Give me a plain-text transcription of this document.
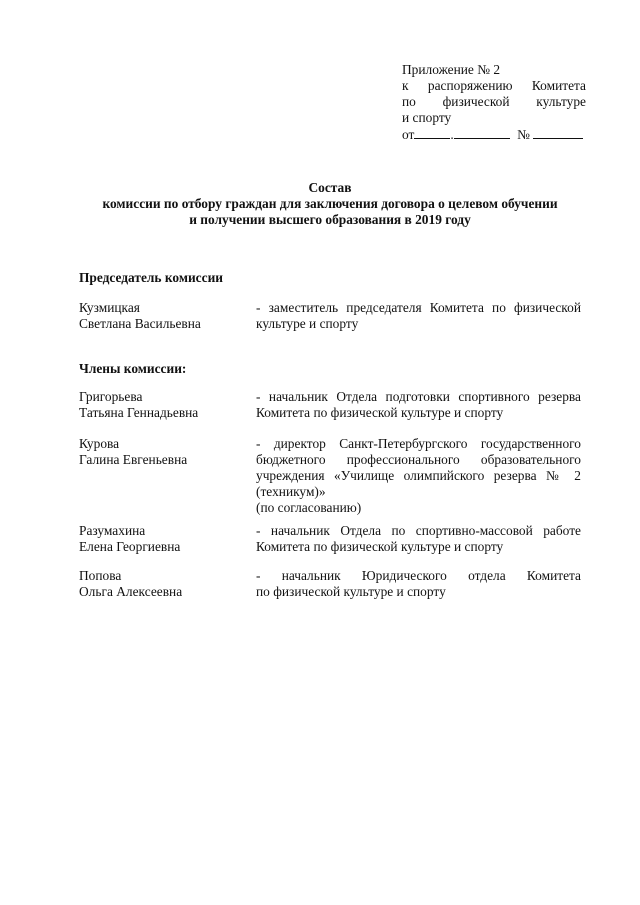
Приложение № 2
к распоряжению Комитета
по физической культуре
и спорту
от	.	№
Состав
комиссии по отбору граждан для заключения договора о целевом обучении
и получении высшего образования в 2019 году
Председатель комиссии
Кузмицкая
Светлана Васильевна
- заместитель председателя Комитета по физической
культуре и спорту
Члены комиссии:
Григорьева
Татьяна Геннадьевна
- начальник Отдела подготовки спортивного резерва
Комитета по физической культуре и спорту
Курова
Галина Евгеньевна
- директор Санкт-Петербургского государственного
бюджетного профессионального образовательного
учреждения «Училище олимпийского резерва № 2
(техникум)»
(по согласованию)
Разумахина
Елена Георгиевна
- начальник Отдела по спортивно-массовой работе
Комитета по физической культуре и спорту
Попова
Ольга Алексеевна
- начальник Юридического отдела Комитета
по физической культуре и спорту
